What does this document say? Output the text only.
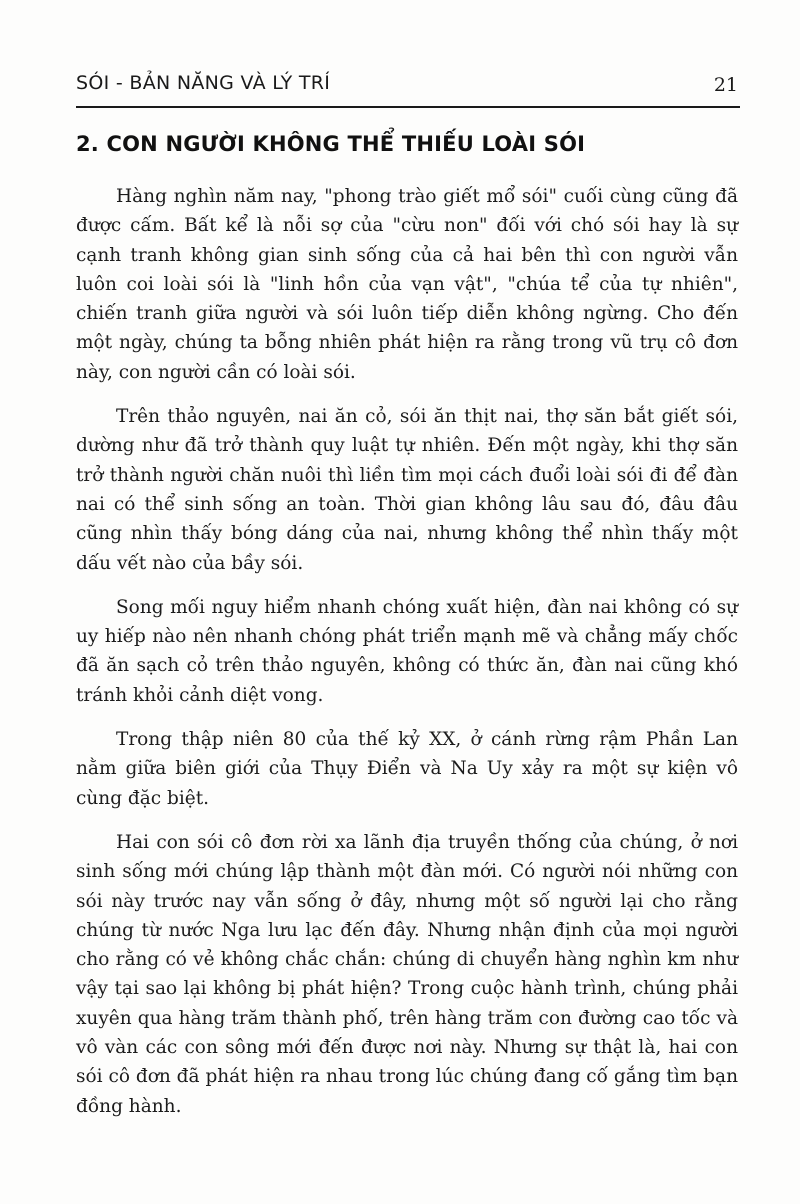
SÓI - BẢN NĂNG VÀ LÝ TRÍ	21
2. CON NGƯỜI KHÔNG THỂ THIẾU LOÀI SÓI

Hàng nghìn năm nay, "phong trào giết mổ sói" cuối cùng cũng đã được cấm. Bất kể là nỗi sợ của "cừu non" đối với chó sói hay là sự cạnh tranh không gian sinh sống của cả hai bên thì con người vẫn luôn coi loài sói là "linh hồn của vạn vật", "chúa tể của tự nhiên", chiến tranh giữa người và sói luôn tiếp diễn không ngừng. Cho đến một ngày, chúng ta bỗng nhiên phát hiện ra rằng trong vũ trụ cô đơn này, con người cần có loài sói.

Trên thảo nguyên, nai ăn cỏ, sói ăn thịt nai, thợ săn bắt giết sói, dường như đã trở thành quy luật tự nhiên. Đến một ngày, khi thợ săn trở thành người chăn nuôi thì liền tìm mọi cách đuổi loài sói đi để đàn nai có thể sinh sống an toàn. Thời gian không lâu sau đó, đâu đâu cũng nhìn thấy bóng dáng của nai, nhưng không thể nhìn thấy một dấu vết nào của bầy sói.

Song mối nguy hiểm nhanh chóng xuất hiện, đàn nai không có sự uy hiếp nào nên nhanh chóng phát triển mạnh mẽ và chẳng mấy chốc đã ăn sạch cỏ trên thảo nguyên, không có thức ăn, đàn nai cũng khó tránh khỏi cảnh diệt vong.

Trong thập niên 80 của thế kỷ XX, ở cánh rừng rậm Phần Lan nằm giữa biên giới của Thụy Điển và Na Uy xảy ra một sự kiện vô cùng đặc biệt.

Hai con sói cô đơn rời xa lãnh địa truyền thống của chúng, ở nơi sinh sống mới chúng lập thành một đàn mới. Có người nói những con sói này trước nay vẫn sống ở đây, nhưng một số người lại cho rằng chúng từ nước Nga lưu lạc đến đây. Nhưng nhận định của mọi người cho rằng có vẻ không chắc chắn: chúng di chuyển hàng nghìn km như vậy tại sao lại không bị phát hiện? Trong cuộc hành trình, chúng phải xuyên qua hàng trăm thành phố, trên hàng trăm con đường cao tốc và vô vàn các con sông mới đến được nơi này. Nhưng sự thật là, hai con sói cô đơn đã phát hiện ra nhau trong lúc chúng đang cố gắng tìm bạn đồng hành.
